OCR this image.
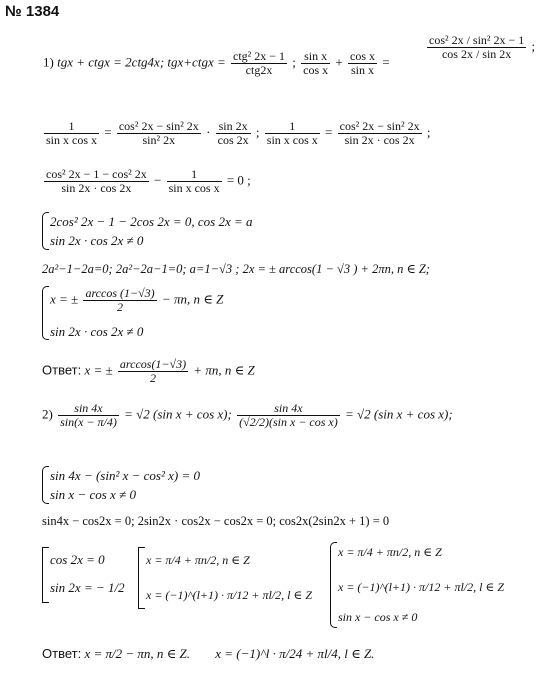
№ 1384
1) tgx + ctgx = 2ctg4x; tgx+ctgx = $\frac{\text{ctg² 2x − 1}}{\text{ctg2x}}$ ; $\frac{\text{sin x}}{\text{cos x}} + \frac{\text{cos x}}{\text{sin x}}$ =
$\frac{\text{cos² 2x / sin² 2x − 1}}{\cos 2x / \sin 2x}$ ;
$\frac{1}{\text{sin x cos x}} = \frac{\text{cos² 2x − sin² 2x}}{\text{sin² 2x}} \cdot \frac{\sin 2x}{\cos 2x}$ ; $\frac{1}{\text{sin x cos x}} = \frac{\text{cos² 2x − sin² 2x}}{\sin 2x \cdot \cos 2x}$ ;
$\frac{\text{cos² 2x − 1 − cos² 2x}}{\sin 2x \cdot \cos 2x} - \frac{1}{\text{sin x cos x}} = 0$ ;
2cos² 2x − 1 − 2cos 2x = 0, cos 2x = a
sin 2x · cos 2x ≠ 0
2a²−1−2a=0; 2a²−2a−1=0; a=1−√3 ; 2x = ± arccos(1 − √3 ) + 2πn, n ∈ Z;
x = ± $\frac{\arccos (1-√3)}{2} - \pi n$, n ∈ Z
sin 2x · cos 2x ≠ 0
Ответ: x = ± $\frac{\arccos(1-√3)}{2} + \pi n$, n ∈ Z
$2) \frac{\sin 4x}{\sin(x - \pi/4)} = √2$ (sin x + cos x); $\frac{\sin 4x}{\text{(√2/2)(sin x − cos x)}} = √2$ (sin x + cos x);
sin 4x − (sin² x − cos² x) = 0
sin x − cos x ≠ 0
sin4x − cos2x = 0; 2sin2x · cos2x − cos2x = 0; cos2x(2sin2x + 1) = 0
cos 2x = 0
sin 2x = − 1/2
x = π/4 + πn/2, n ∈ Z
x = (−1)^(l+1) · π/12 + πl/2, l ∈ Z
x = π/4 + πn/2, n ∈ Z
x = (−1)^(l+1) · π/12 + πl/2, l ∈ Z
sin x − cos x ≠ 0
Ответ: x = π/2 − πn, n ∈ Z. x = (−1)^l · π/24 + πl/4, l ∈ Z.
